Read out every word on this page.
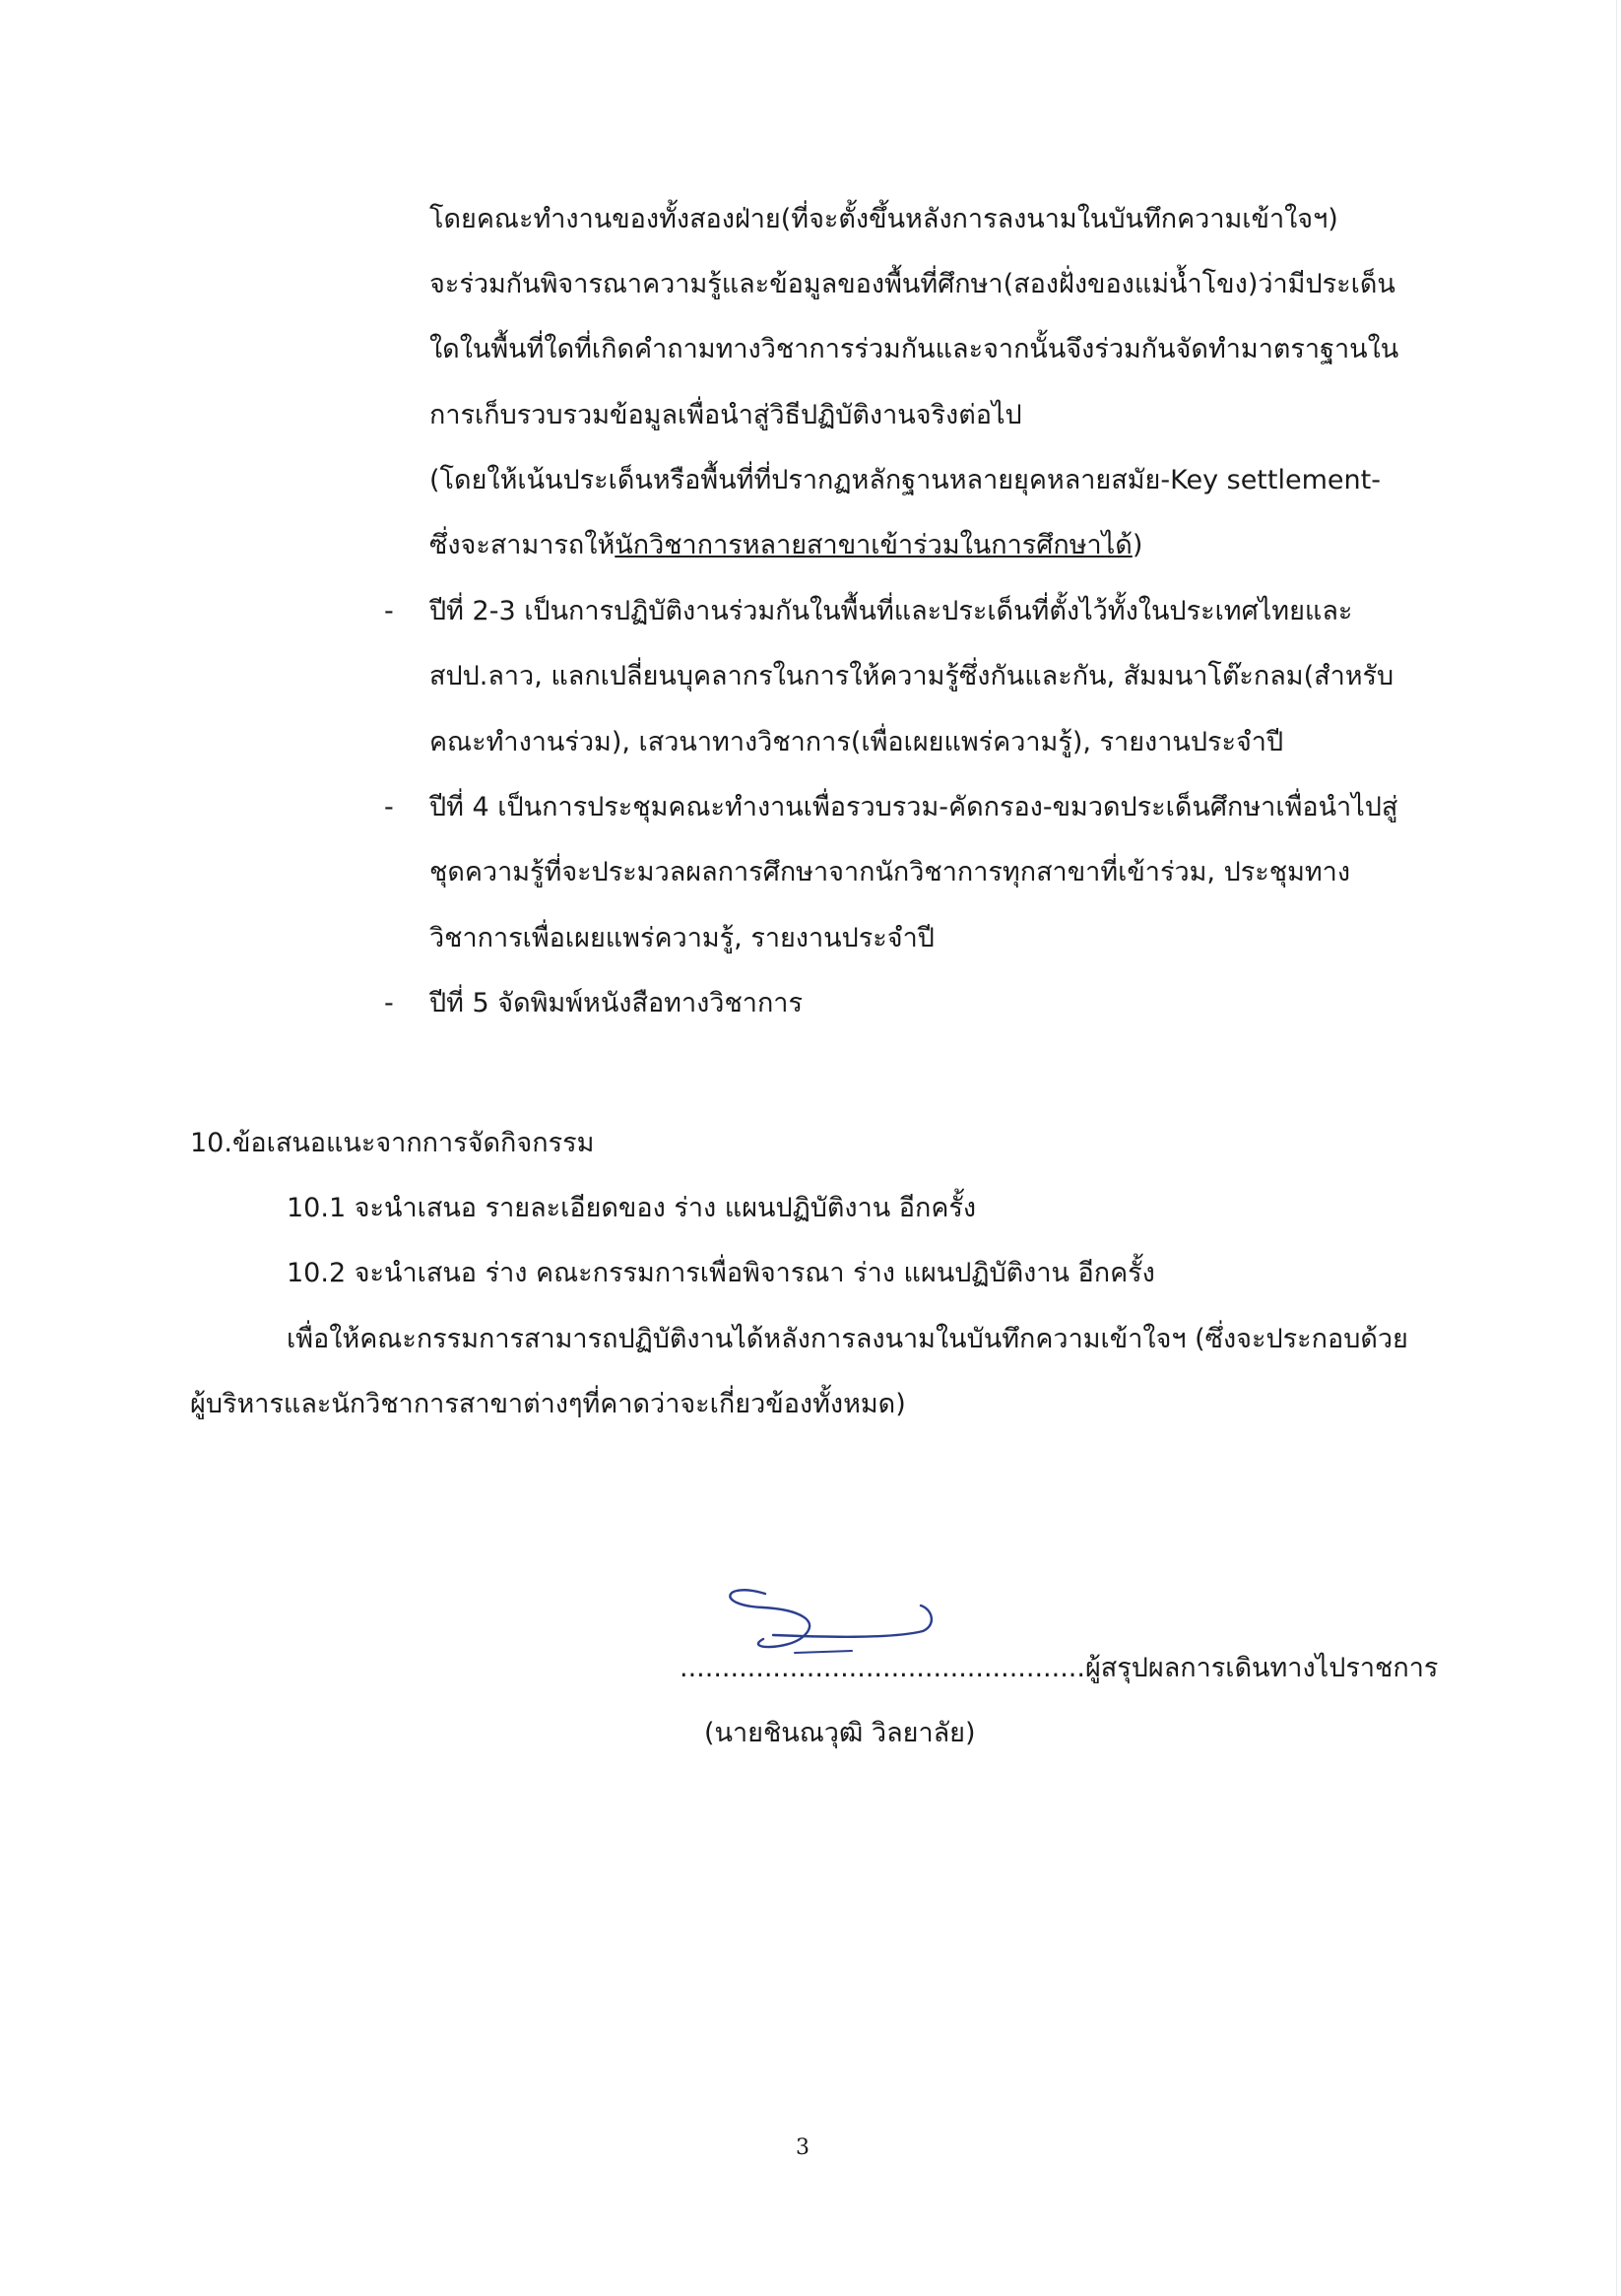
โดยคณะทำงานของทั้งสองฝ่าย(ที่จะตั้งขึ้นหลังการลงนามในบันทึกความเข้าใจฯ)
จะร่วมกันพิจารณาความรู้และข้อมูลของพื้นที่ศึกษา(สองฝั่งของแม่น้ำโขง)ว่ามีประเด็น
ใดในพื้นที่ใดที่เกิดคำถามทางวิชาการร่วมกันและจากนั้นจึงร่วมกันจัดทำมาตราฐานใน
การเก็บรวบรวมข้อมูลเพื่อนำสู่วิธีปฏิบัติงานจริงต่อไป
(โดยให้เน้นประเด็นหรือพื้นที่ที่ปรากฏหลักฐานหลายยุคหลายสมัย-Key settlement-
ซึ่งจะสามารถให้นักวิชาการหลายสาขาเข้าร่วมในการศึกษาได้)
- ปีที่ 2-3 เป็นการปฏิบัติงานร่วมกันในพื้นที่และประเด็นที่ตั้งไว้ทั้งในประเทศไทยและ
สปป.ลาว, แลกเปลี่ยนบุคลากรในการให้ความรู้ซึ่งกันและกัน, สัมมนาโต๊ะกลม(สำหรับ
คณะทำงานร่วม), เสวนาทางวิชาการ(เพื่อเผยแพร่ความรู้), รายงานประจำปี
- ปีที่ 4 เป็นการประชุมคณะทำงานเพื่อรวบรวม-คัดกรอง-ขมวดประเด็นศึกษาเพื่อนำไปสู่
ชุดความรู้ที่จะประมวลผลการศึกษาจากนักวิชาการทุกสาขาที่เข้าร่วม, ประชุมทาง
วิชาการเพื่อเผยแพร่ความรู้, รายงานประจำปี
- ปีที่ 5 จัดพิมพ์หนังสือทางวิชาการ
10.ข้อเสนอแนะจากการจัดกิจกรรม
10.1 จะนำเสนอ รายละเอียดของ ร่าง แผนปฏิบัติงาน อีกครั้ง
10.2 จะนำเสนอ ร่าง คณะกรรมการเพื่อพิจารณา ร่าง แผนปฏิบัติงาน อีกครั้ง
เพื่อให้คณะกรรมการสามารถปฏิบัติงานได้หลังการลงนามในบันทึกความเข้าใจฯ (ซึ่งจะประกอบด้วย
ผู้บริหารและนักวิชาการสาขาต่างๆที่คาดว่าจะเกี่ยวข้องทั้งหมด)
................................................ผู้สรุปผลการเดินทางไปราชการ
(นายชินณวุฒิ วิลยาลัย)
3
